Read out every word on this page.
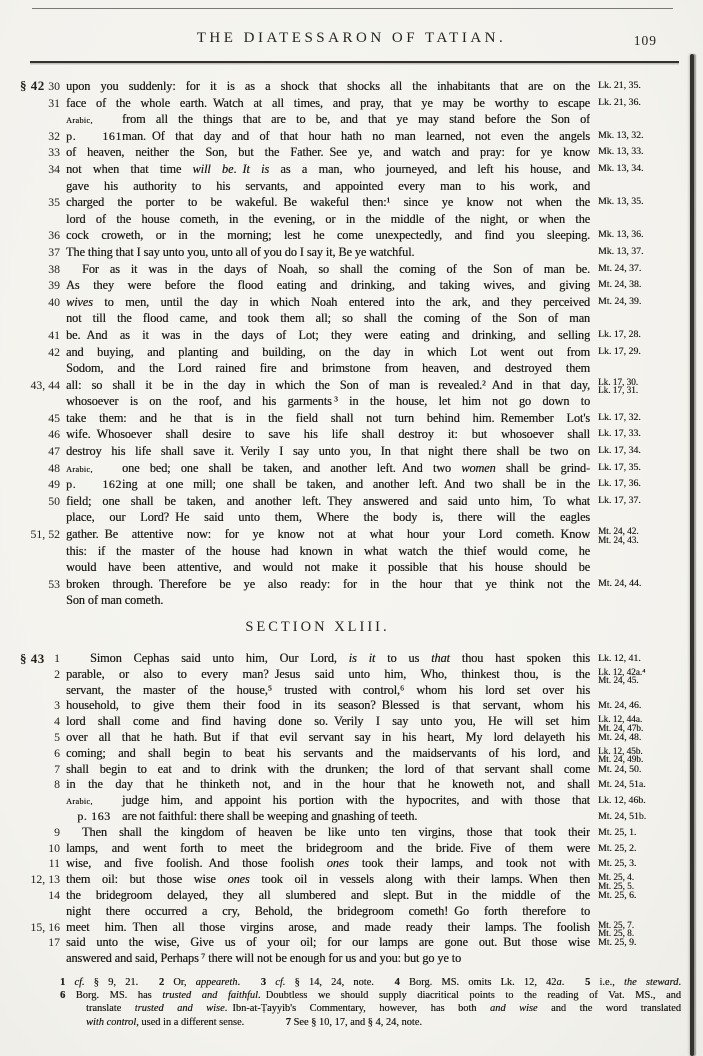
THE DIATESSARON OF TATIAN.	109
§ 42 30 upon you suddenly: for it is as a shock that shocks all the inhabitants that are on the Lk. 21, 35.
31 face of the whole earth. Watch at all times, and pray, that ye may be worthy to escape Lk. 21, 36.
Arabic, from all the things that are to be, and that ye may stand before the Son of
32 p. 161man. Of that day and of that hour hath no man learned, not even the angels Mk. 13, 32.
33 of heaven, neither the Son, but the Father. See ye, and watch and pray: for ye know Mk. 13, 33.
34 not when that time will be. It is as a man, who journeyed, and left his house, and Mk. 13, 34.
gave his authority to his servants, and appointed every man to his work, and
35 charged the porter to be wakeful. Be wakeful then:¹ since ye know not when the Mk. 13, 35.
lord of the house cometh, in the evening, or in the middle of the night, or when the
36 cock croweth, or in the morning; lest he come unexpectedly, and find you sleeping. Mk. 13, 36.
37 The thing that I say unto you, unto all of you do I say it, Be ye watchful.	Mk. 13, 37.
38	For as it was in the days of Noah, so shall the coming of the Son of man be. Mt. 24, 37.
39 As they were before the flood eating and drinking, and taking wives, and giving Mt. 24, 38.
40 wives to men, until the day in which Noah entered into the ark, and they perceived Mt. 24, 39.
not till the flood came, and took them all; so shall the coming of the Son of man
41 be. And as it was in the days of Lot; they were eating and drinking, and selling Lk. 17, 28.
42 and buying, and planting and building, on the day in which Lot went out from Lk. 17, 29.
Sodom, and the Lord rained fire and brimstone from heaven, and destroyed them
43, 44 all: so shall it be in the day in which the Son of man is revealed.² And in that day, Lk. 17, 30.
Lk. 17, 31.
whosoever is on the roof, and his garments ³ in the house, let him not go down to
45 take them: and he that is in the field shall not turn behind him. Remember Lot's Lk. 17, 32.
46 wife. Whosoever shall desire to save his life shall destroy it: but whosoever shall Lk. 17, 33.
47 destroy his life shall save it. Verily I say unto you, In that night there shall be two on Lk. 17, 34.
48 Arabic, one bed; one shall be taken, and another left. And two women shall be grind- Lk. 17, 35.
49 p. 162ing at one mill; one shall be taken, and another left. And two shall be in the Lk. 17, 36.
50 field; one shall be taken, and another left. They answered and said unto him, To what Lk. 17, 37.
place, our Lord? He said unto them, Where the body is, there will the eagles
51, 52 gather. Be attentive now: for ye know not at what hour your Lord cometh. Know Mt. 24, 42.
Mt. 24, 43.
this: if the master of the house had known in what watch the thief would come, he
would have been attentive, and would not make it possible that his house should be
53 broken through. Therefore be ye also ready: for in the hour that ye think not the Mt. 24, 44.
Son of man cometh.
SECTION XLIII.
§ 43 1	Simon Cephas said unto him, Our Lord, is it to us that thou hast spoken this Lk. 12, 41.
2 parable, or also to every man? Jesus said unto him, Who, thinkest thou, is the Lk. 12, 42a.⁴
Mt. 24, 45.
servant, the master of the house,⁵ trusted with control,⁶ whom his lord set over his
3 household, to give them their food in its season? Blessed is that servant, whom his Mt. 24, 46.
4 lord shall come and find having done so. Verily I say unto you, He will set him Lk. 12, 44a.
Mt. 24, 47b.
5 over all that he hath. But if that evil servant say in his heart, My lord delayeth his Mt. 24, 48.
6 coming; and shall begin to beat his servants and the maidservants of his lord, and Lk. 12, 45b.
Mt. 24, 49b.
7 shall begin to eat and to drink with the drunken; the lord of that servant shall come Mt. 24, 50.
8 in the day that he thinketh not, and in the hour that he knoweth not, and shall Mt. 24, 51a.
Arabic, judge him, and appoint his portion with the hypocrites, and with those that Lk. 12, 46b.
p. 163 are not faithful: there shall be weeping and gnashing of teeth.	Mt. 24, 51b.
9	Then shall the kingdom of heaven be like unto ten virgins, those that took their Mt. 25, 1.
10 lamps, and went forth to meet the bridegroom and the bride. Five of them were Mt. 25, 2.
11 wise, and five foolish. And those foolish ones took their lamps, and took not with Mt. 25, 3.
12, 13 them oil: but those wise ones took oil in vessels along with their lamps. When then Mt. 25, 4.
Mt. 25, 5.
14 the bridegroom delayed, they all slumbered and slept. But in the middle of the Mt. 25, 6.
night there occurred a cry, Behold, the bridegroom cometh! Go forth therefore to
15, 16 meet him. Then all those virgins arose, and made ready their lamps. The foolish Mt. 25, 7.
Mt. 25, 8.
17 said unto the wise, Give us of your oil; for our lamps are gone out. But those wise Mt. 25, 9.
answered and said, Perhaps ⁷ there will not be enough for us and you: but go ye to
1 cf. § 9, 21.  2 Or, appeareth.  3 cf. § 14, 24, note.  4 Borg. MS. omits Lk. 12, 42a.  5 i.e., the steward.
6 Borg. MS. has trusted and faithful. Doubtless we should supply diacritical points to the reading of Vat. MS., and
translate trusted and wise. Ibn-at-Ṭayyib's Commentary, however, has both and wise and the word translated
with control, used in a different sense.    7 See § 10, 17, and § 4, 24, note.
